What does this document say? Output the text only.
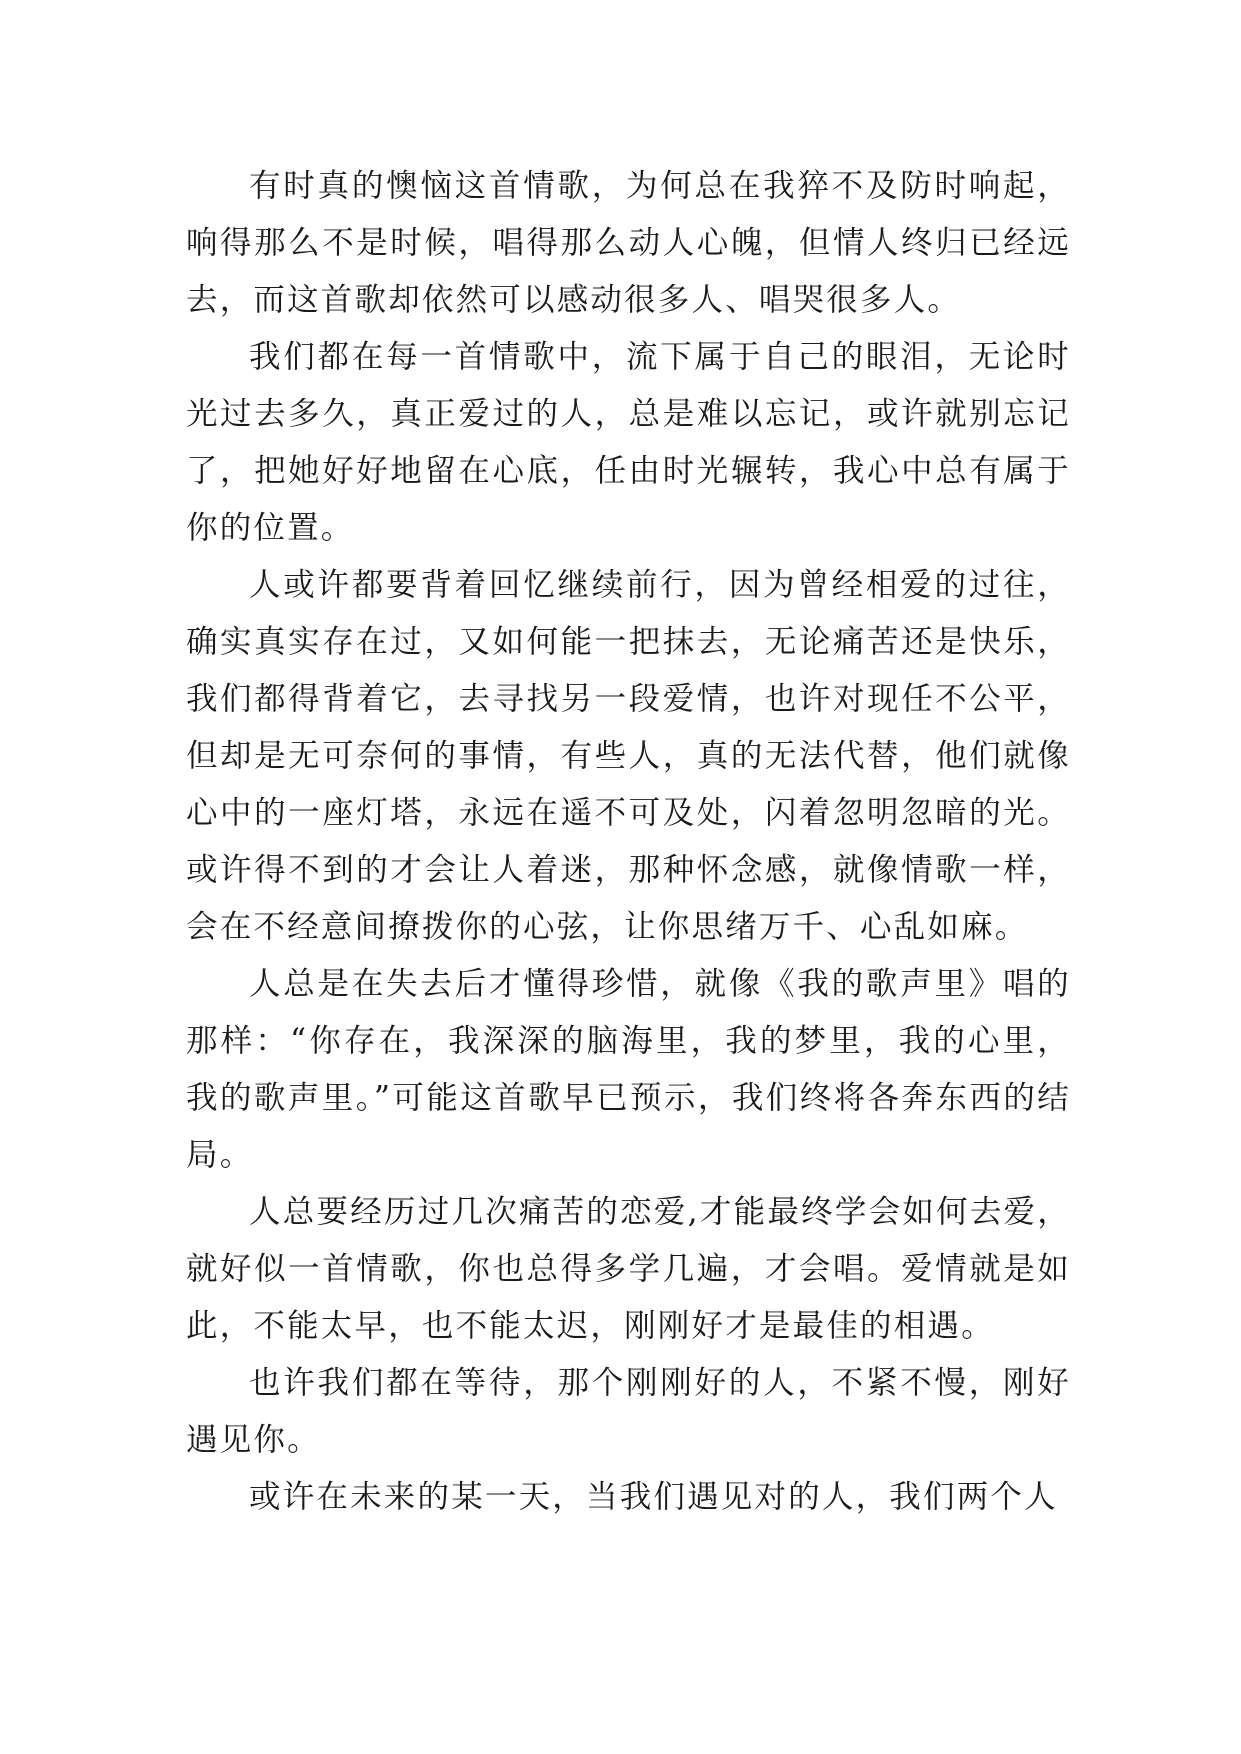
有时真的懊恼这首情歌，为何总在我猝不及防时响起，响得那么不是时候，唱得那么动人心魄，但情人终归已经远去，而这首歌却依然可以感动很多人、唱哭很多人。

我们都在每一首情歌中，流下属于自己的眼泪，无论时光过去多久，真正爱过的人，总是难以忘记，或许就别忘记了，把她好好地留在心底，任由时光辗转，我心中总有属于你的位置。

人或许都要背着回忆继续前行，因为曾经相爱的过往，确实真实存在过，又如何能一把抹去，无论痛苦还是快乐，我们都得背着它，去寻找另一段爱情，也许对现任不公平，但却是无可奈何的事情，有些人，真的无法代替，他们就像心中的一座灯塔，永远在遥不可及处，闪着忽明忽暗的光。或许得不到的才会让人着迷，那种怀念感，就像情歌一样，会在不经意间撩拨你的心弦，让你思绪万千、心乱如麻。

人总是在失去后才懂得珍惜，就像《我的歌声里》唱的那样：“你存在，我深深的脑海里，我的梦里，我的心里，我的歌声里。”可能这首歌早已预示，我们终将各奔东西的结局。

人总要经历过几次痛苦的恋爱,才能最终学会如何去爱，就好似一首情歌，你也总得多学几遍，才会唱。爱情就是如此，不能太早，也不能太迟，刚刚好才是最佳的相遇。

也许我们都在等待，那个刚刚好的人，不紧不慢，刚好遇见你。

或许在未来的某一天，当我们遇见对的人，我们两个人
